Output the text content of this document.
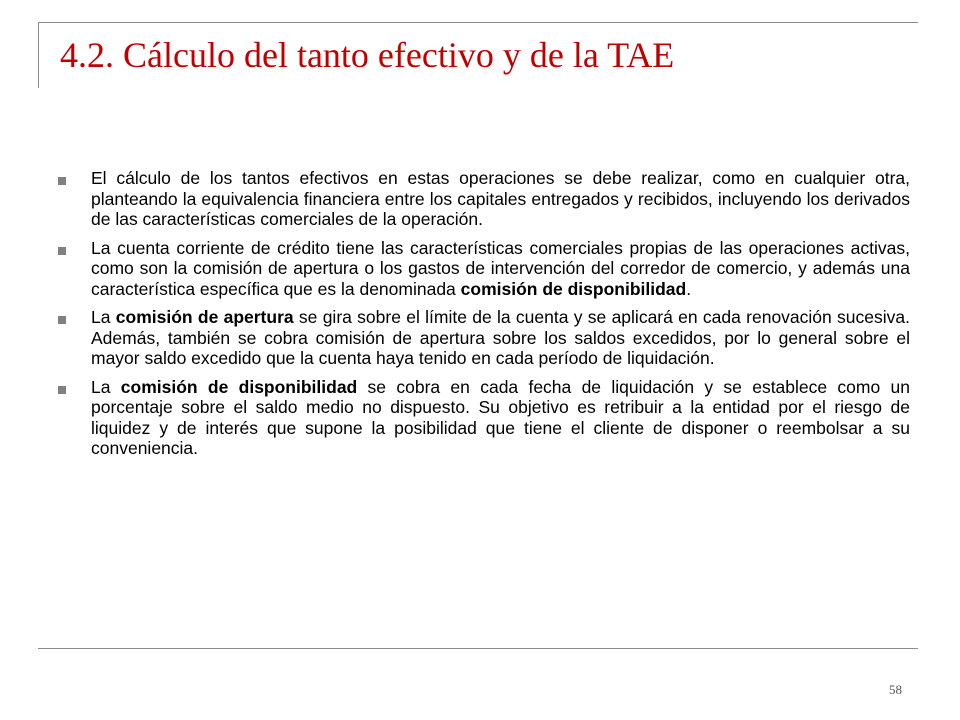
4.2. Cálculo del tanto efectivo y de la TAE
El cálculo de los tantos efectivos en estas operaciones se debe realizar, como en cualquier otra, planteando la equivalencia financiera entre los capitales entregados y recibidos, incluyendo los derivados de las características comerciales de la operación.
La cuenta corriente de crédito tiene las características comerciales propias de las operaciones activas, como son la comisión de apertura o los gastos de intervención del corredor de comercio, y además una característica específica que es la denominada comisión de disponibilidad.
La comisión de apertura se gira sobre el límite de la cuenta y se aplicará en cada renovación sucesiva. Además, también se cobra comisión de apertura sobre los saldos excedidos, por lo general sobre el mayor saldo excedido que la cuenta haya tenido en cada período de liquidación.
La comisión de disponibilidad se cobra en cada fecha de liquidación y se establece como un porcentaje sobre el saldo medio no dispuesto. Su objetivo es retribuir a la entidad por el riesgo de liquidez y de interés que supone la posibilidad que tiene el cliente de disponer o reembolsar a su conveniencia.
58
